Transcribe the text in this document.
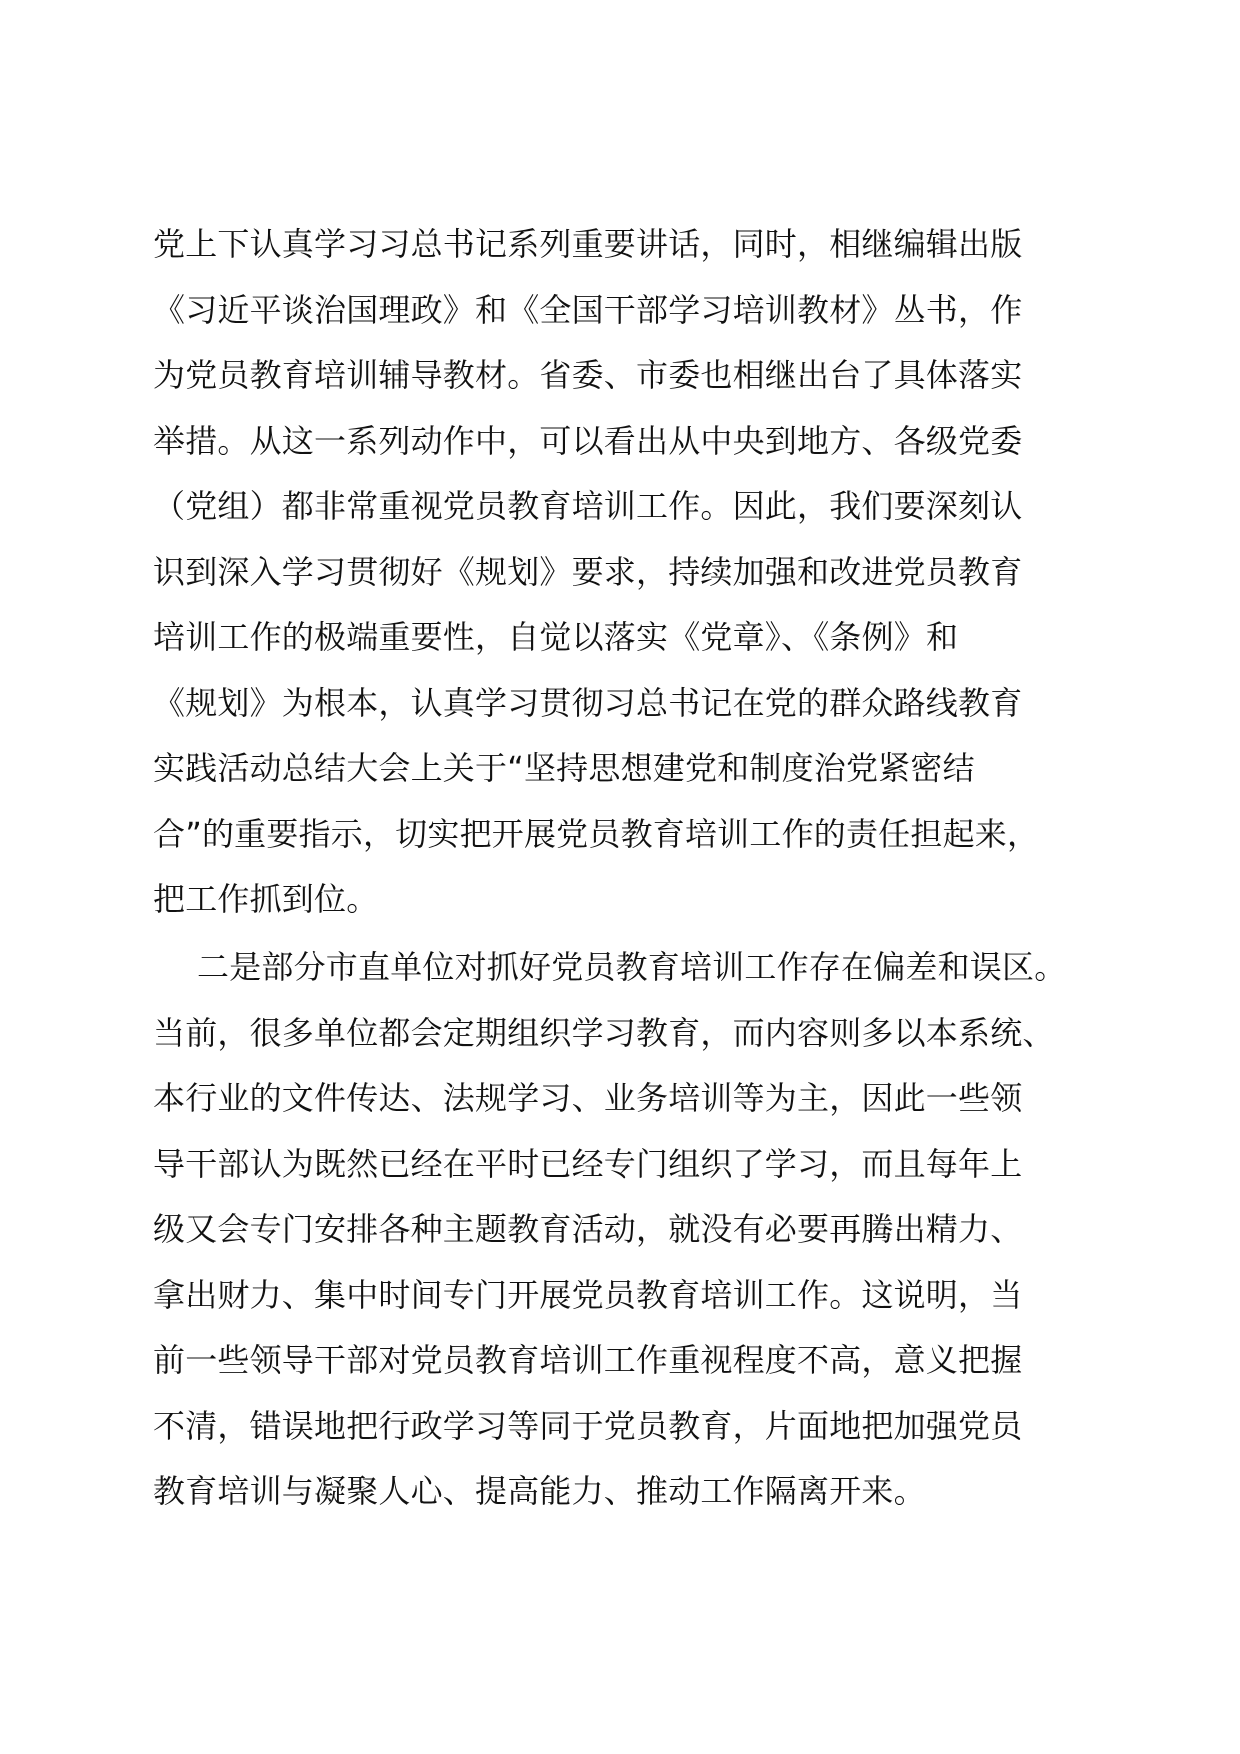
党上下认真学习习总书记系列重要讲话，同时，相继编辑出版
《习近平谈治国理政》和《全国干部学习培训教材》丛书，作
为党员教育培训辅导教材。省委、市委也相继出台了具体落实
举措。从这一系列动作中，可以看出从中央到地方、各级党委
（党组）都非常重视党员教育培训工作。因此，我们要深刻认
识到深入学习贯彻好《规划》要求，持续加强和改进党员教育
培训工作的极端重要性，自觉以落实《党章》、《条例》和
《规划》为根本，认真学习贯彻习总书记在党的群众路线教育
实践活动总结大会上关于“坚持思想建党和制度治党紧密结
合”的重要指示，切实把开展党员教育培训工作的责任担起来，
把工作抓到位。
二是部分市直单位对抓好党员教育培训工作存在偏差和误区。
当前，很多单位都会定期组织学习教育，而内容则多以本系统、
本行业的文件传达、法规学习、业务培训等为主，因此一些领
导干部认为既然已经在平时已经专门组织了学习，而且每年上
级又会专门安排各种主题教育活动，就没有必要再腾出精力、
拿出财力、集中时间专门开展党员教育培训工作。这说明，当
前一些领导干部对党员教育培训工作重视程度不高，意义把握
不清，错误地把行政学习等同于党员教育，片面地把加强党员
教育培训与凝聚人心、提高能力、推动工作隔离开来。
